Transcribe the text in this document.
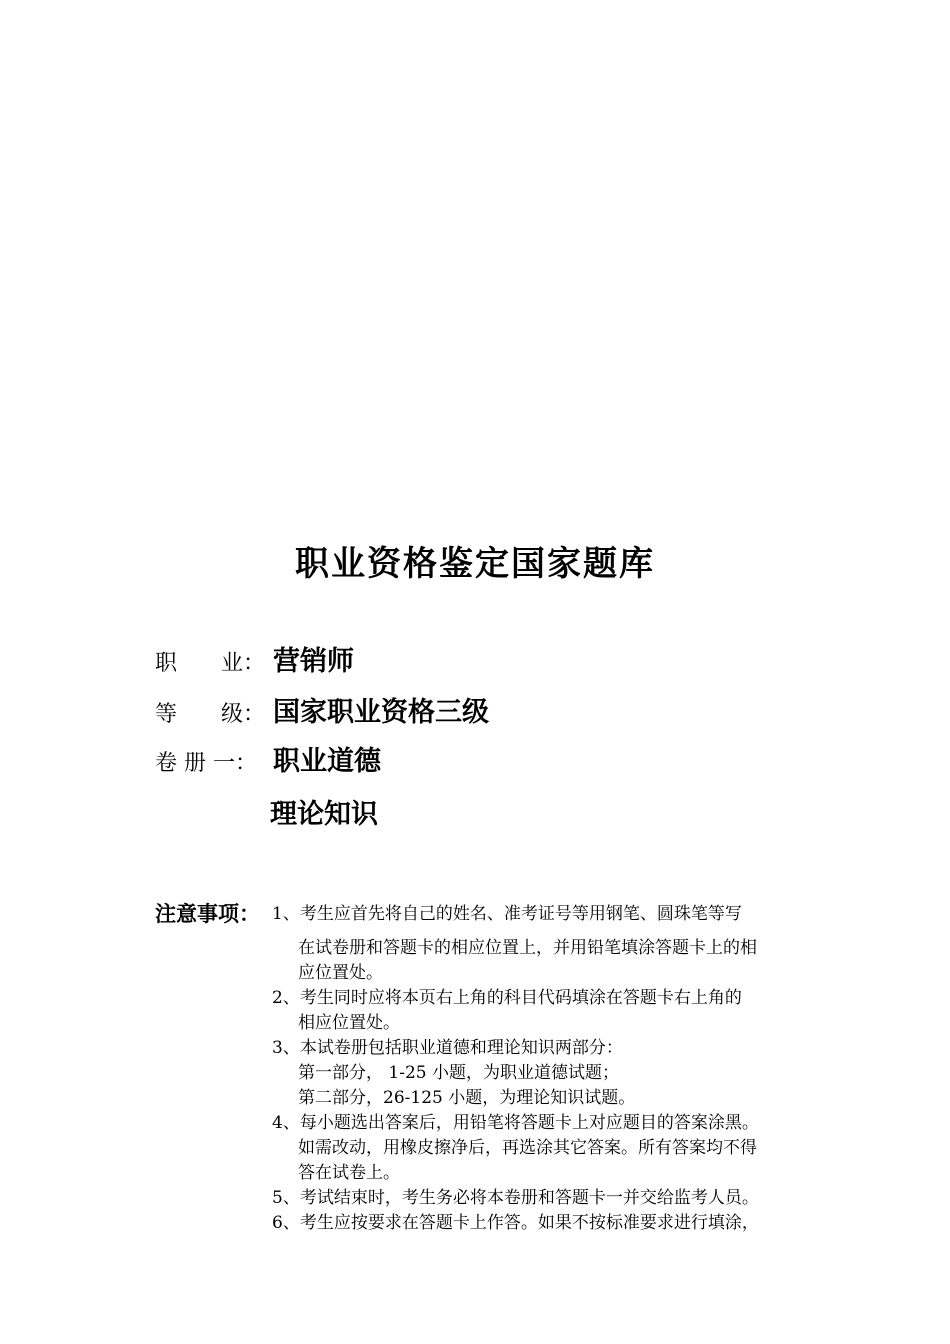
职业资格鉴定国家题库
职　　业： 营销师
等　　级： 国家职业资格三级
卷 册 一： 职业道德
理论知识
注意事项： 1、考生应首先将自己的姓名、准考证号等用钢笔、圆珠笔等写
在试卷册和答题卡的相应位置上，并用铅笔填涂答题卡上的相
应位置处。
2、考生同时应将本页右上角的科目代码填涂在答题卡右上角的
相应位置处。
3、本试卷册包括职业道德和理论知识两部分：
第一部分， 1-25 小题，为职业道德试题；
第二部分，26-125 小题，为理论知识试题。
4、每小题选出答案后，用铅笔将答题卡上对应题目的答案涂黑。
如需改动，用橡皮擦净后，再选涂其它答案。所有答案均不得
答在试卷上。
5、考试结束时，考生务必将本卷册和答题卡一并交给监考人员。
6、考生应按要求在答题卡上作答。如果不按标准要求进行填涂，
